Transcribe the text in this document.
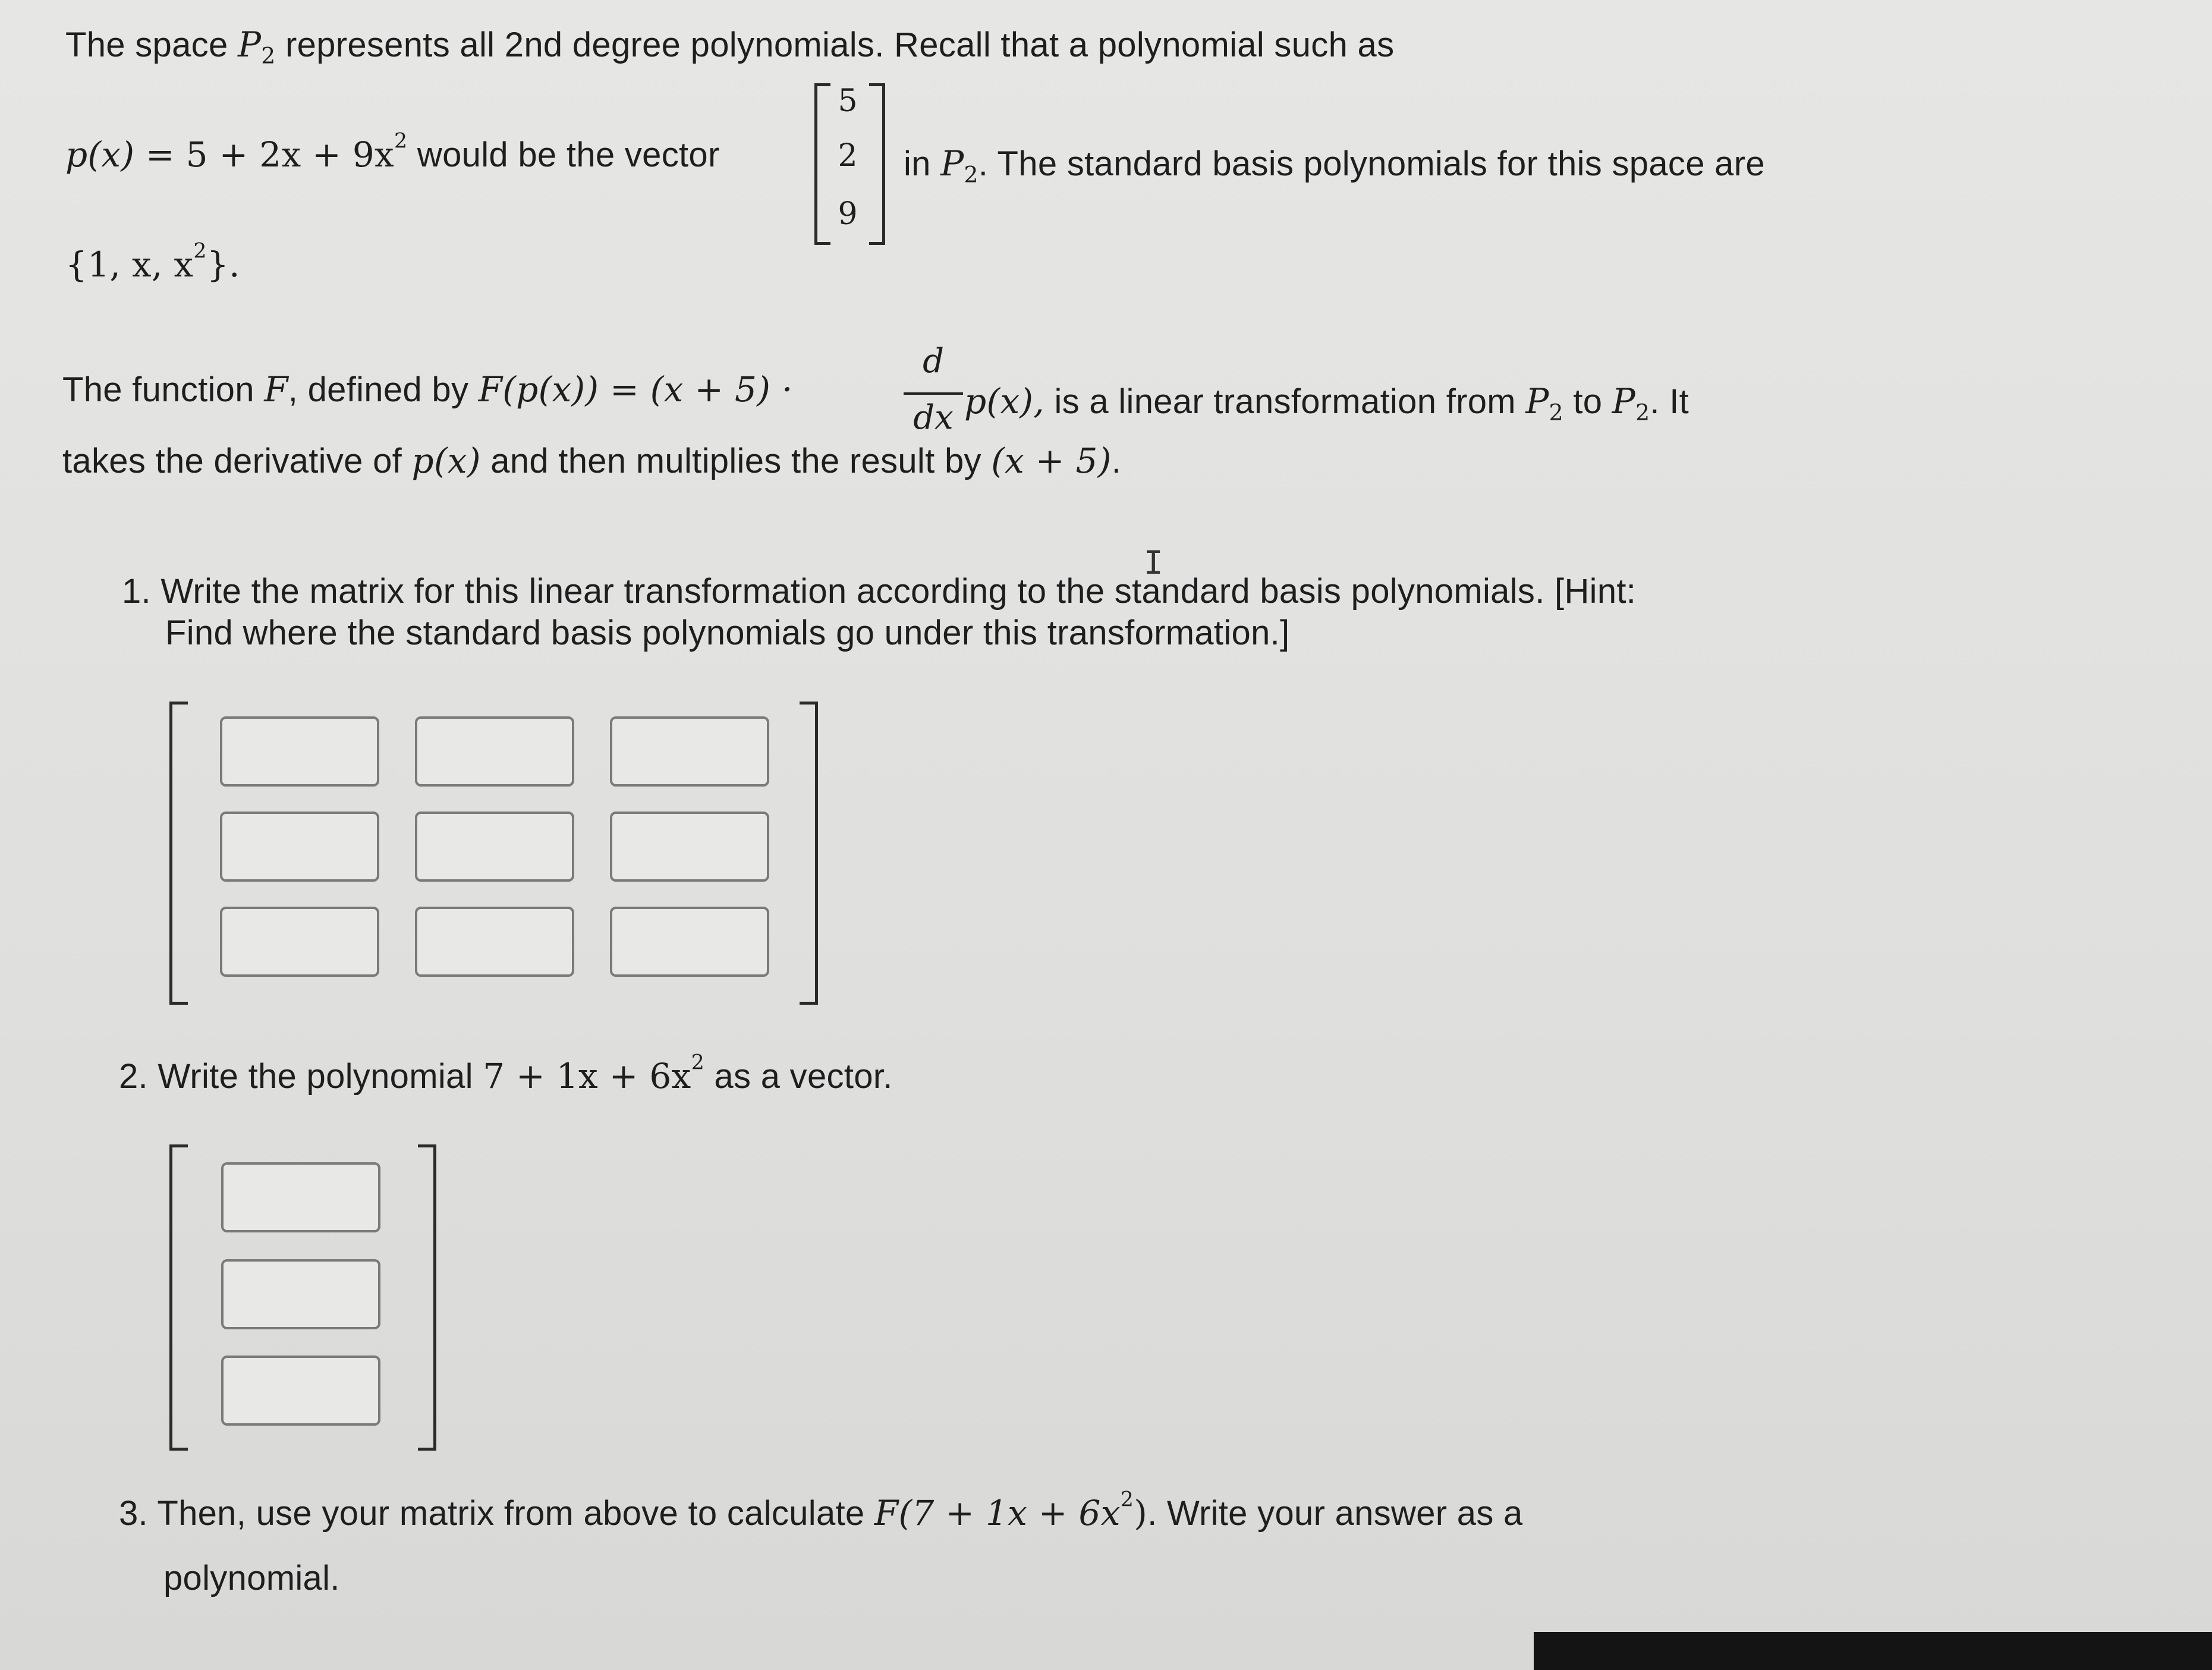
The space $P_2$ represents all 2nd degree polynomials. Recall that a polynomial such as
$p(x) = 5 + 2x + 9x^2$ would be the vector
5
2
9
in $P_2$. The standard basis polynomials for this space are
{1, x, $x^2$}.
The function F, defined by F(p(x)) = (x + 5) ·
d
dx p(x), is a linear transformation from $P_2$ to $P_2$. It
takes the derivative of p(x) and then multiplies the result by (x + 5).
I
1. Write the matrix for this linear transformation according to the standard basis polynomials. [Hint:
Find where the standard basis polynomials go under this transformation.]
2. Write the polynomial $7 + 1x + 6x^2$ as a vector.
3. Then, use your matrix from above to calculate $F(7 + 1x + 6x^2)$. Write your answer as a
polynomial.
